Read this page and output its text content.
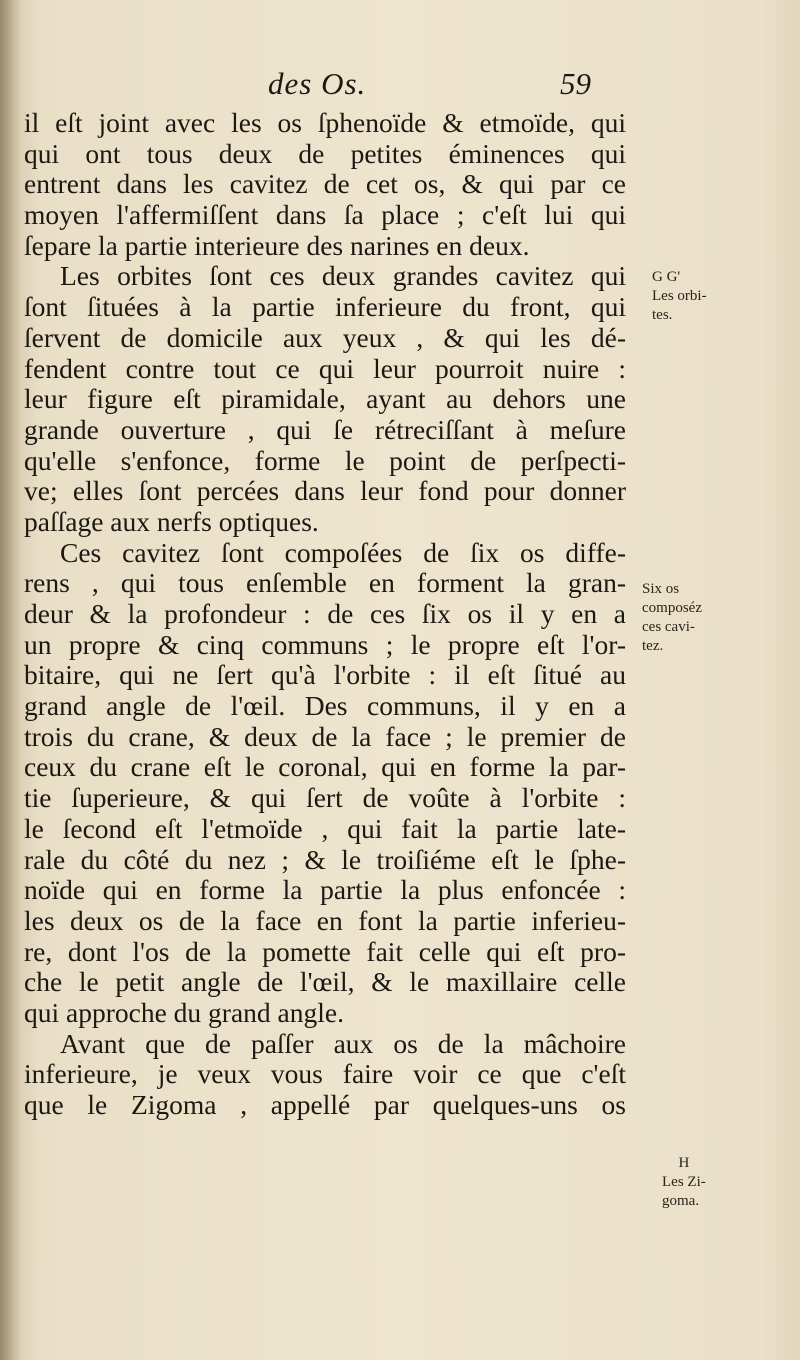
des Os.	59
il eſt joint avec les os ſphenoïde & etmoïde, qui
qui ont tous deux de petites éminences qui
entrent dans les cavitez de cet os, & qui par ce
moyen l'affermiſſent dans ſa place ; c'eſt lui qui
ſepare la partie interieure des narines en deux.
Les orbites ſont ces deux grandes cavitez qui
ſont ſituées à la partie inferieure du front, qui
ſervent de domicile aux yeux , & qui les dé-
fendent contre tout ce qui leur pourroit nuire :
leur figure eſt piramidale, ayant au dehors une
grande ouverture , qui ſe rétreciſſant à meſure
qu'elle s'enfonce, forme le point de perſpecti-
ve; elles ſont percées dans leur fond pour donner
paſſage aux nerfs optiques.
Ces cavitez ſont compoſées de ſix os diffe-
rens , qui tous enſemble en forment la gran-
deur & la profondeur : de ces ſix os il y en a
un propre & cinq communs ; le propre eſt l'or-
bitaire, qui ne ſert qu'à l'orbite : il eſt ſitué au
grand angle de l'œil. Des communs, il y en a
trois du crane, & deux de la face ; le premier de
ceux du crane eſt le coronal, qui en forme la par-
tie ſuperieure, & qui ſert de voûte à l'orbite :
le ſecond eſt l'etmoïde , qui fait la partie late-
rale du côté du nez ; & le troiſiéme eſt le ſphe-
noïde qui en forme la partie la plus enfoncée :
les deux os de la face en font la partie inferieu-
re, dont l'os de la pomette fait celle qui eſt pro-
che le petit angle de l'œil, & le maxillaire celle
qui approche du grand angle.
Avant que de paſſer aux os de la mâchoire
inferieure, je veux vous faire voir ce que c'eſt
que le Zigoma , appellé par quelques-uns os
G G'
Les orbi-
tes.
Six os
composéz
ces cavi-
tez.
H
Les Zi-
goma.
